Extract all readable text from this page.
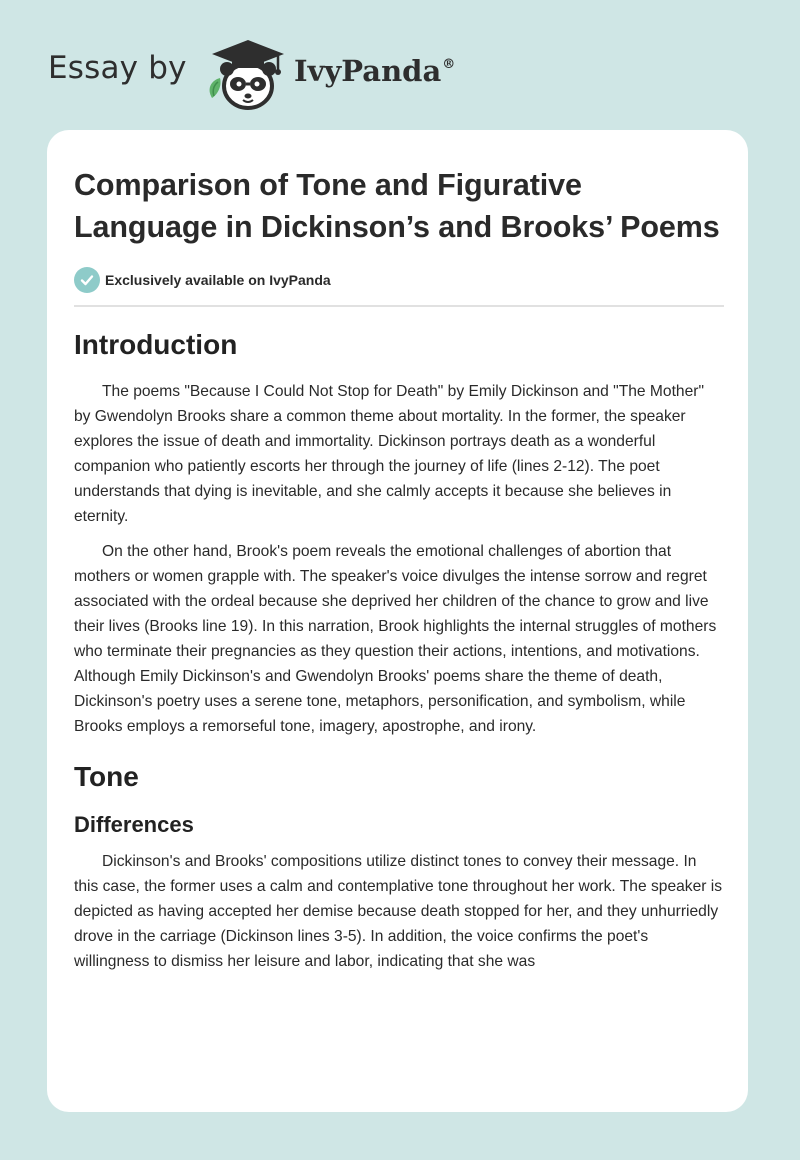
Essay by	IvyPanda®
Comparison of Tone and Figurative Language in Dickinson’s and Brooks’ Poems
Exclusively available on IvyPanda
Introduction

The poems "Because I Could Not Stop for Death" by Emily Dickinson and "The Mother" by Gwendolyn Brooks share a common theme about mortality. In the former, the speaker explores the issue of death and immortality. Dickinson portrays death as a wonderful companion who patiently escorts her through the journey of life (lines 2-12). The poet understands that dying is inevitable, and she calmly accepts it because she believes in eternity.

On the other hand, Brook's poem reveals the emotional challenges of abortion that mothers or women grapple with. The speaker's voice divulges the intense sorrow and regret associated with the ordeal because she deprived her children of the chance to grow and live their lives (Brooks line 19). In this narration, Brook highlights the internal struggles of mothers who terminate their pregnancies as they question their actions, intentions, and motivations. Although Emily Dickinson's and Gwendolyn Brooks' poems share the theme of death, Dickinson's poetry uses a serene tone, metaphors, personification, and symbolism, while Brooks employs a remorseful tone, imagery, apostrophe, and irony.

Tone
Differences

Dickinson's and Brooks' compositions utilize distinct tones to convey their message. In this case, the former uses a calm and contemplative tone throughout her work. The speaker is depicted as having accepted her demise because death stopped for her, and they unhurriedly drove in the carriage (Dickinson lines 3-5). In addition, the voice confirms the poet's willingness to dismiss her leisure and labor, indicating that she was
